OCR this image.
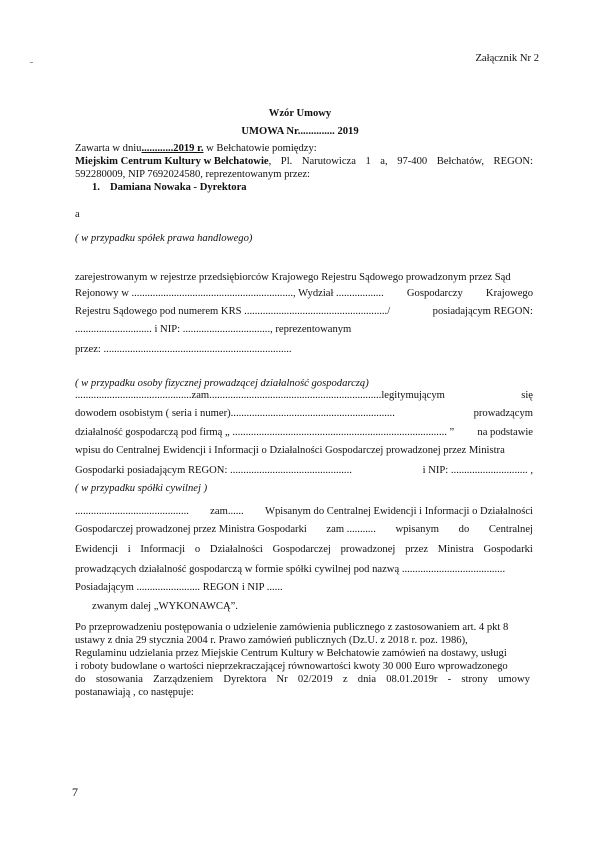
Załącznik Nr 2
Wzór Umowy
UMOWA Nr.............. 2019
Zawarta w dniu............2019 r. w Bełchatowie pomiędzy:
Miejskim Centrum Kultury w Bełchatowie, Pl. Narutowicza 1 a, 97-400 Bełchatów, REGON:
592280009, NIP 7692024580, reprezentowanym przez:
1. Damiana Nowaka - Dyrektora
a
( w przypadku spółek prawa handlowego)
zarejestrowanym w rejestrze przedsiębiorców Krajowego Rejestru Sądowego prowadzonym przez Sąd
Rejonowy w ............................................................., Wydział .................. Gospodarczy Krajowego
Rejestru Sądowego pod numerem KRS ....................................................../	posiadającym REGON:
............................. i NIP: ................................., reprezentowanym
przez: .......................................................................
( w przypadku osoby fizycznej prowadzącej działalność gospodarczą)
............................................zam.................................................................legitymującym	się
dowodem osobistym ( seria i numer)..............................................................	prowadzącym
działalność gospodarczą pod firmą „ ................................................................................. ” na podstawie
wpisu do Centralnej Ewidencji i Informacji o Działalności Gospodarczej prowadzonej przez Ministra
Gospodarki posiadającym REGON: ..............................................	i NIP: ............................. ,
( w przypadku spółki cywilnej )
........................................... zam...... Wpisanym do Centralnej Ewidencji i Informacji o Działalności
Gospodarczej prowadzonej przez Ministra Gospodarki zam ........... wpisanym do Centralnej
Ewidencji i Informacji o Działalności Gospodarczej prowadzonej przez Ministra Gospodarki
prowadzących działalność gospodarczą w formie spółki cywilnej pod nazwą .......................................
Posiadającym ........................ REGON i NIP ......
zwanym dalej „WYKONAWCĄ”.
Po przeprowadzeniu postępowania o udzielenie zamówienia publicznego z zastosowaniem art. 4 pkt 8
ustawy z dnia 29 stycznia 2004 r. Prawo zamówień publicznych (Dz.U. z 2018 r. poz. 1986),
Regulaminu udzielania przez Miejskie Centrum Kultury w Bełchatowie zamówień na dostawy, usługi
i roboty budowlane o wartości nieprzekraczającej równowartości kwoty 30 000 Euro wprowadzonego
do stosowania Zarządzeniem Dyrektora Nr 02/2019 z dnia 08.01.2019r - strony umowy
postanawiają , co następuje:
7
